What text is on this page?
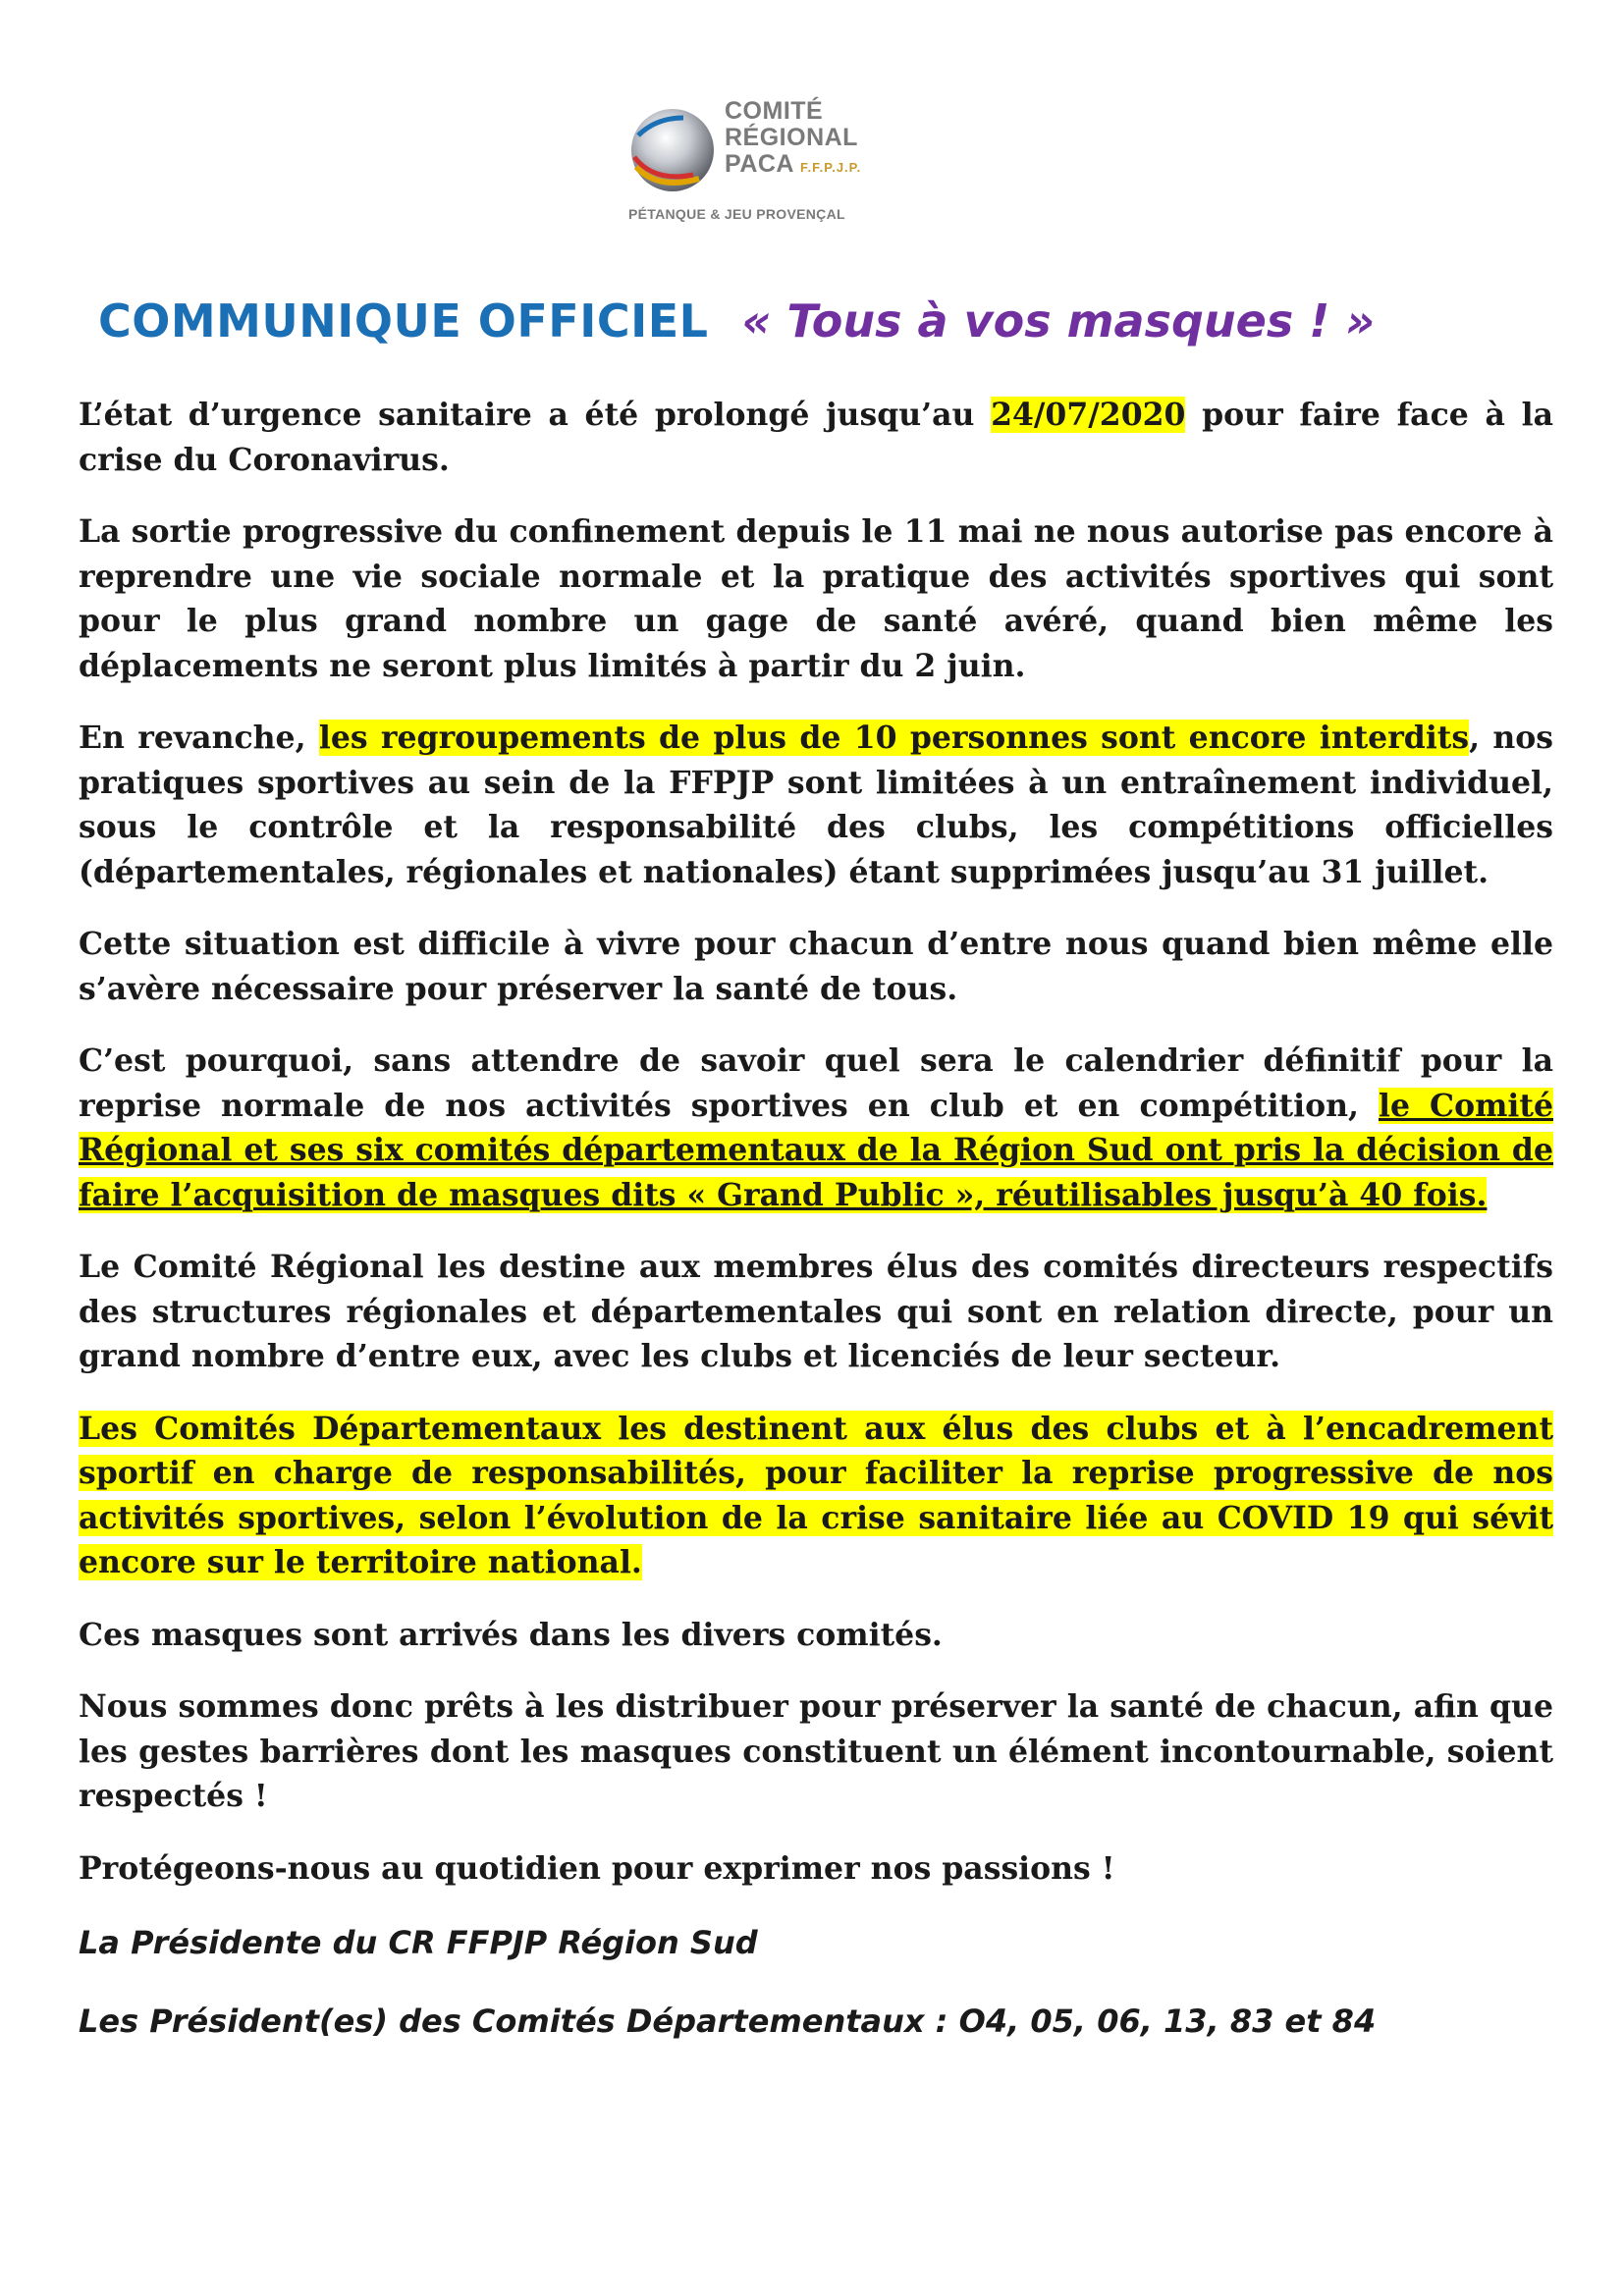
COMITÉ
RÉGIONAL
PACA F.F.P.J.P.
PÉTANQUE & JEU PROVENÇAL
COMMUNIQUE OFFICIEL « Tous à vos masques ! »

L’état d’urgence sanitaire a été prolongé jusqu’au 24/07/2020 pour faire face à la crise du Coronavirus.

La sortie progressive du confinement depuis le 11 mai ne nous autorise pas encore à reprendre une vie sociale normale et la pratique des activités sportives qui sont pour le plus grand nombre un gage de santé avéré, quand bien même les déplacements ne seront plus limités à partir du 2 juin.

En revanche, les regroupements de plus de 10 personnes sont encore interdits, nos pratiques sportives au sein de la FFPJP sont limitées à un entraînement individuel, sous le contrôle et la responsabilité des clubs, les compétitions officielles (départementales, régionales et nationales) étant supprimées jusqu’au 31 juillet.

Cette situation est difficile à vivre pour chacun d’entre nous quand bien même elle s’avère nécessaire pour préserver la santé de tous.

C’est pourquoi, sans attendre de savoir quel sera le calendrier définitif pour la reprise normale de nos activités sportives en club et en compétition, le Comité Régional et ses six comités départementaux de la Région Sud ont pris la décision de faire l’acquisition de masques dits « Grand Public », réutilisables jusqu’à 40 fois.

Le Comité Régional les destine aux membres élus des comités directeurs respectifs des structures régionales et départementales qui sont en relation directe, pour un grand nombre d’entre eux, avec les clubs et licenciés de leur secteur.

Les Comités Départementaux les destinent aux élus des clubs et à l’encadrement sportif en charge de responsabilités, pour faciliter la reprise progressive de nos activités sportives, selon l’évolution de la crise sanitaire liée au COVID 19 qui sévit encore sur le territoire national.

Ces masques sont arrivés dans les divers comités.

Nous sommes donc prêts à les distribuer pour préserver la santé de chacun, afin que les gestes barrières dont les masques constituent un élément incontournable, soient respectés !

Protégeons-nous au quotidien pour exprimer nos passions !

La Présidente du CR FFPJP Région Sud
Les Président(es) des Comités Départementaux : O4, 05, 06, 13, 83 et 84
